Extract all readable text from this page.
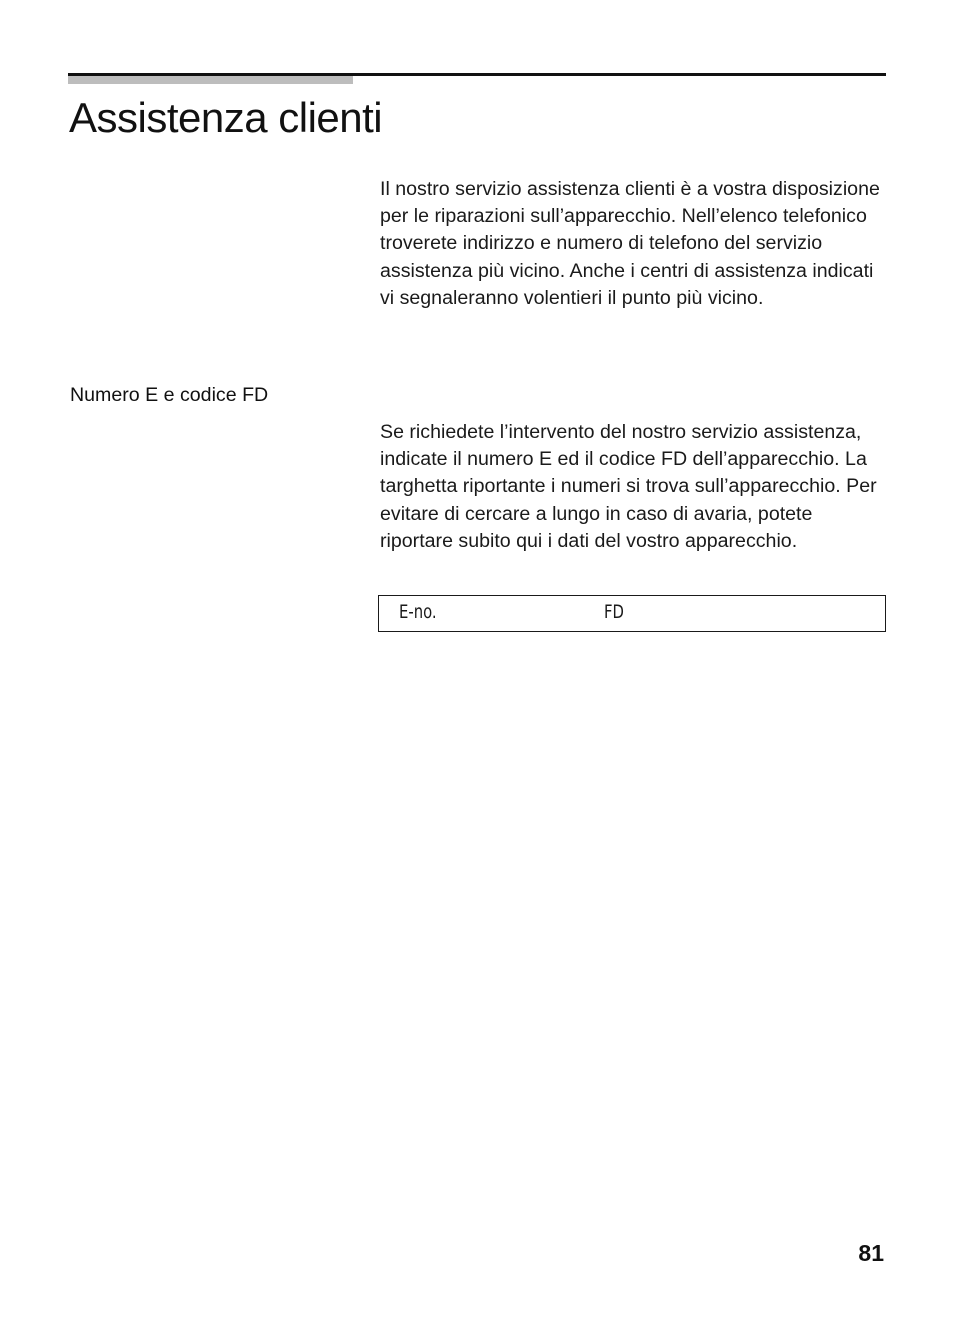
Assistenza clienti

Il nostro servizio assistenza clienti è a vostra disposizione per le riparazioni sull’apparecchio. Nell’elenco telefonico troverete indirizzo e numero di telefono del servizio assistenza più vicino. Anche i centri di assistenza indicati vi segnaleranno volentieri il punto più vicino.

Numero E e codice FD

Se richiedete l’intervento del nostro servizio assistenza, indicate il numero E ed il codice FD dell’apparecchio. La targhetta riportante i numeri si trova sull’apparecchio. Per evitare di cercare a lungo in caso di avaria, potete riportare subito qui i dati del vostro apparecchio.

E-no.	FD
81
